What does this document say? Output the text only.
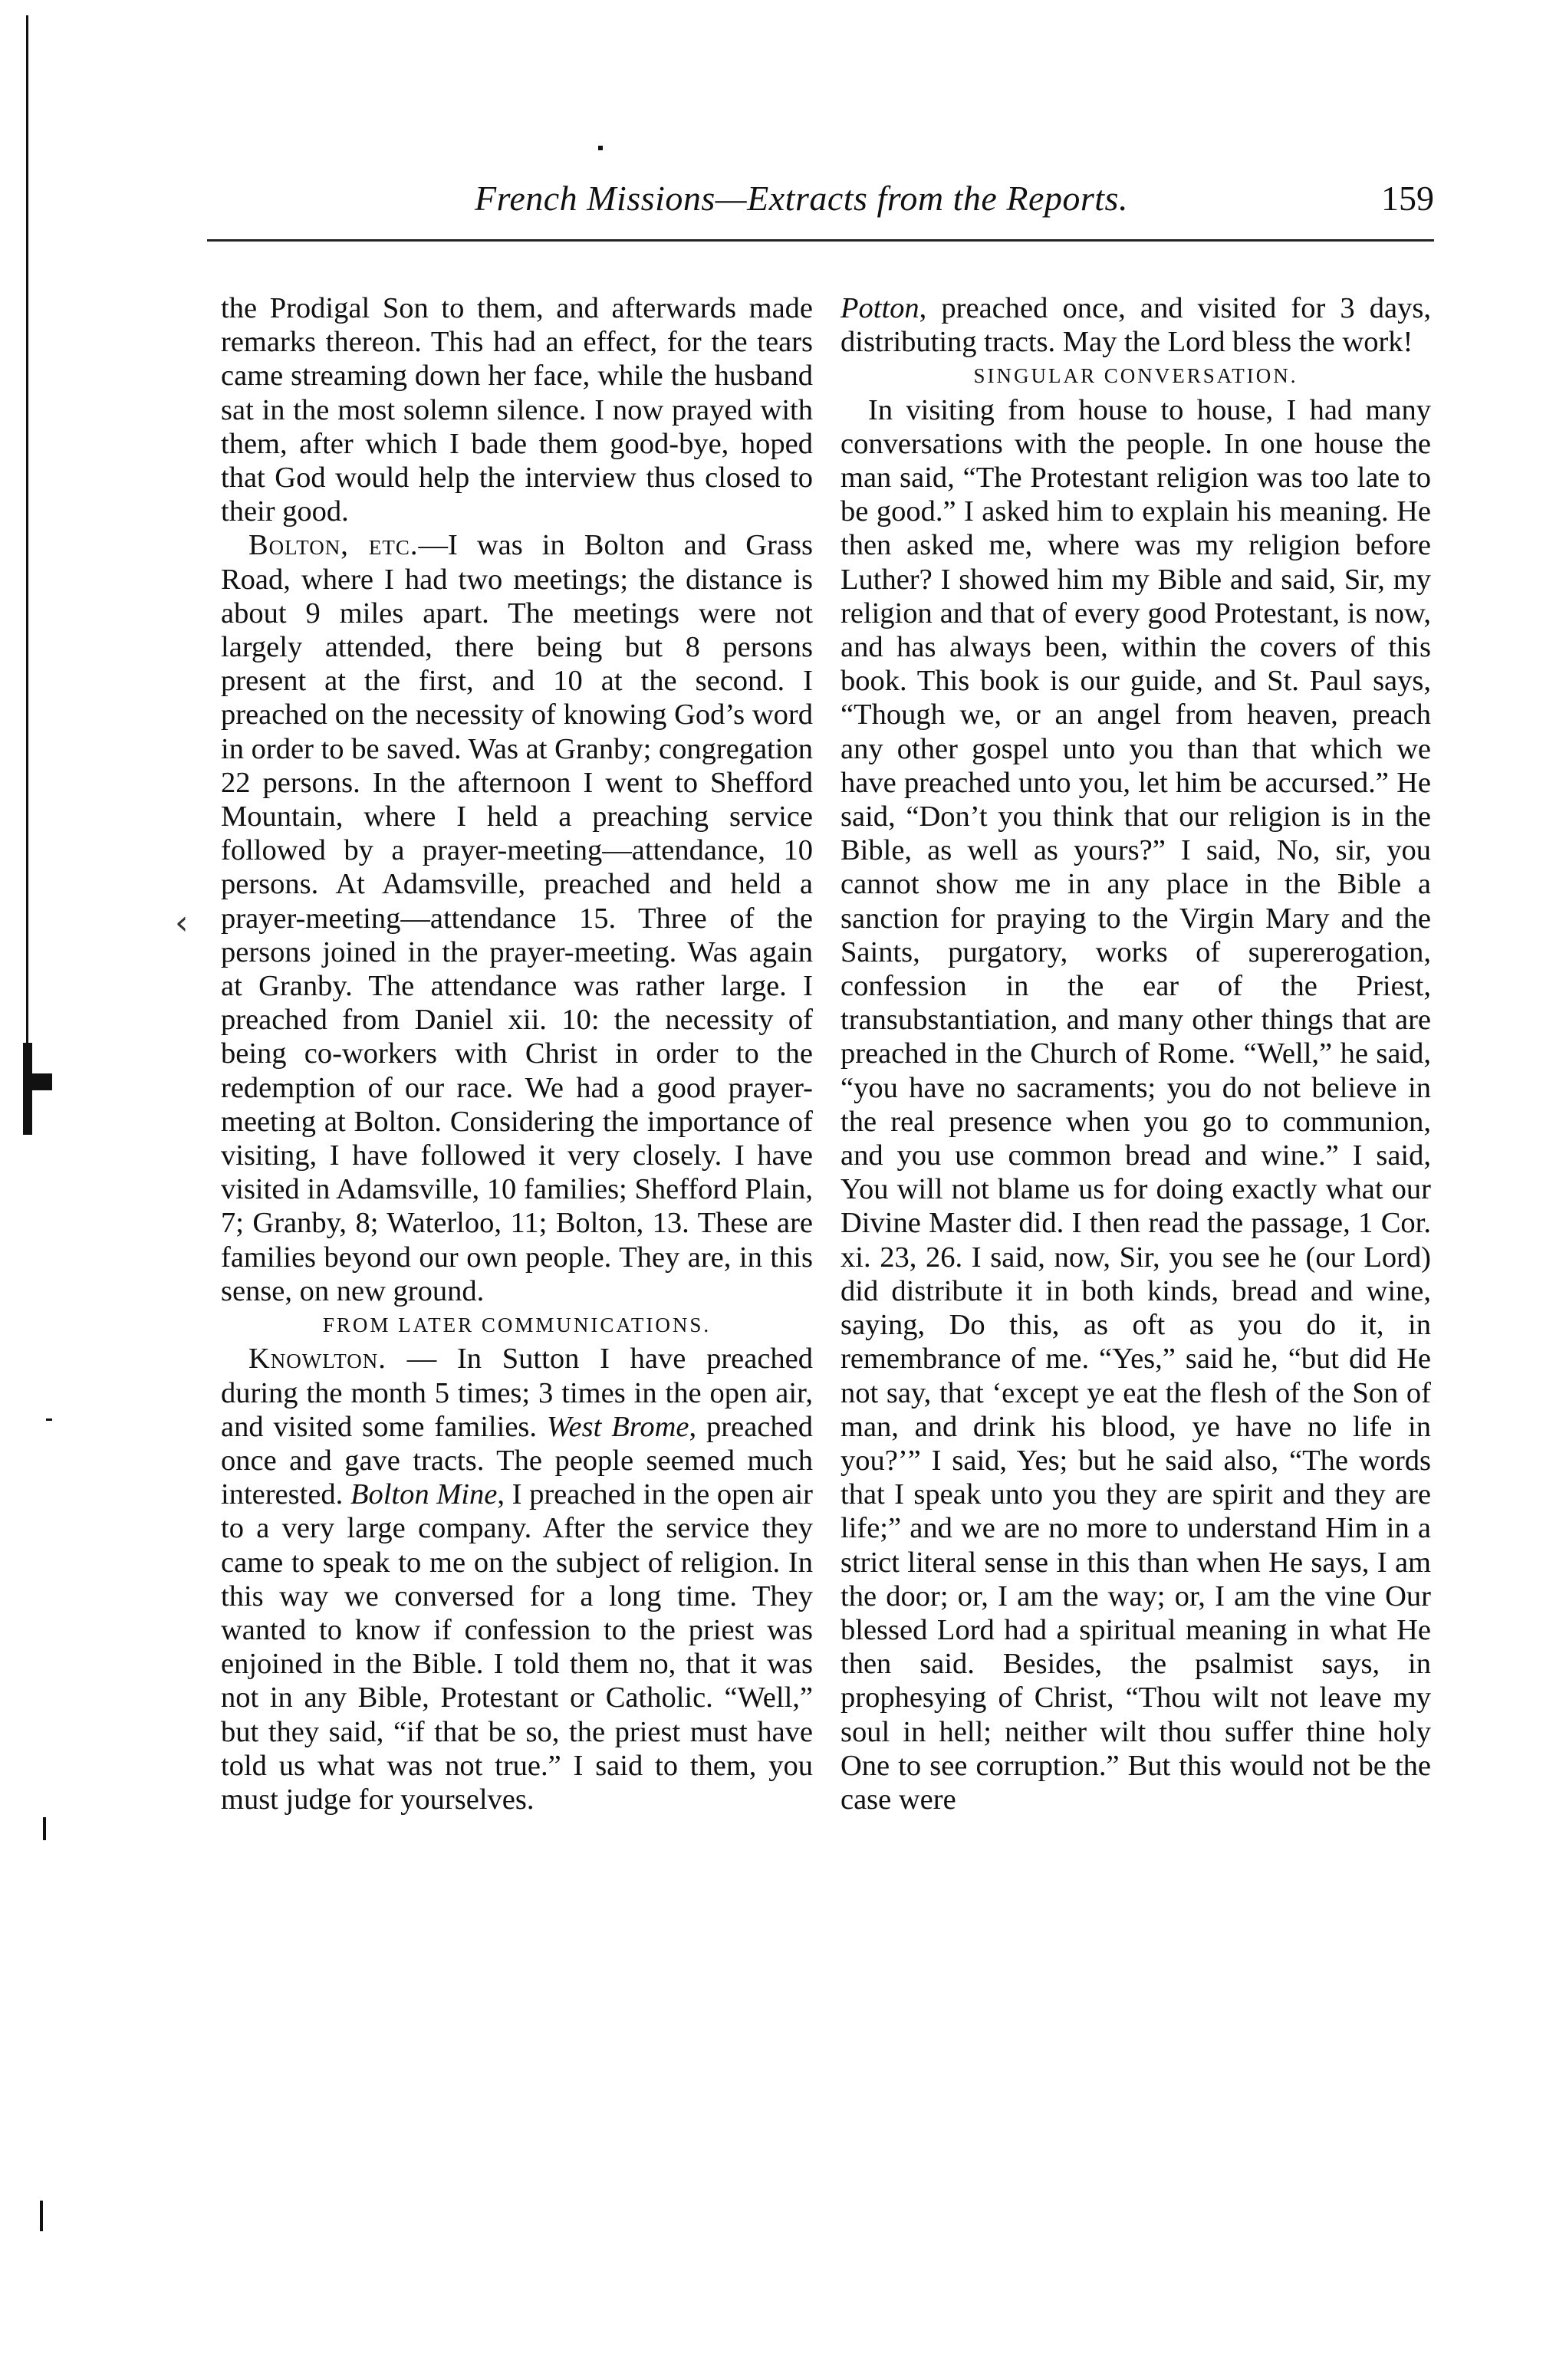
French Missions—Extracts from the Reports.	159
‹

the Prodigal Son to them, and afterwards made remarks thereon. This had an effect, for the tears came streaming down her face, while the husband sat in the most solemn silence. I now prayed with them, after which I bade them good-bye, hoped that God would help the interview thus closed to their good.

Bolton, etc.—I was in Bolton and Grass Road, where I had two meetings; the distance is about 9 miles apart. The meetings were not largely attended, there being but 8 persons present at the first, and 10 at the second. I preached on the necessity of knowing God’s word in order to be saved. Was at Granby; congregation 22 persons. In the afternoon I went to Shefford Mountain, where I held a preaching service followed by a prayer-meeting—attendance, 10 persons. At Adamsville, preached and held a prayer-meeting—attendance 15. Three of the persons joined in the prayer-meeting. Was again at Granby. The attendance was rather large. I preached from Daniel xii. 10: the necessity of being co-workers with Christ in order to the redemption of our race. We had a good prayer-meeting at Bolton. Considering the importance of visiting, I have followed it very closely. I have visited in Adamsville, 10 families; Shefford Plain, 7; Granby, 8; Waterloo, 11; Bolton, 13. These are families beyond our own people. They are, in this sense, on new ground.

FROM LATER COMMUNICATIONS.

Knowlton. — In Sutton I have preached during the month 5 times; 3 times in the open air, and visited some families. West Brome, preached once and gave tracts. The people seemed much interested. Bolton Mine, I preached in the open air to a very large company. After the service they came to speak to me on the subject of religion. In this way we conversed for a long time. They wanted to know if confession to the priest was enjoined in the Bible. I told them no, that it was not in any Bible, Protestant or Catholic. “Well,” but they said, “if that be so, the priest must have told us what was not true.” I said to them, you must judge for yourselves.

Potton, preached once, and visited for 3 days, distributing tracts. May the Lord bless the work!

SINGULAR CONVERSATION.

In visiting from house to house, I had many conversations with the people. In one house the man said, “The Protestant religion was too late to be good.” I asked him to explain his meaning. He then asked me, where was my religion before Luther? I showed him my Bible and said, Sir, my religion and that of every good Protestant, is now, and has always been, within the covers of this book. This book is our guide, and St. Paul says, “Though we, or an angel from heaven, preach any other gospel unto you than that which we have preached unto you, let him be accursed.” He said, “Don’t you think that our religion is in the Bible, as well as yours?” I said, No, sir, you cannot show me in any place in the Bible a sanction for praying to the Virgin Mary and the Saints, purgatory, works of supererogation, confession in the ear of the Priest, transubstantiation, and many other things that are preached in the Church of Rome. “Well,” he said, “you have no sacraments; you do not believe in the real presence when you go to communion, and you use common bread and wine.” I said, You will not blame us for doing exactly what our Divine Master did. I then read the passage, 1 Cor. xi. 23, 26. I said, now, Sir, you see he (our Lord) did distribute it in both kinds, bread and wine, saying, Do this, as oft as you do it, in remembrance of me. “Yes,” said he, “but did He not say, that ‘except ye eat the flesh of the Son of man, and drink his blood, ye have no life in you?’” I said, Yes; but he said also, “The words that I speak unto you they are spirit and they are life;” and we are no more to understand Him in a strict literal sense in this than when He says, I am the door; or, I am the way; or, I am the vine Our blessed Lord had a spiritual meaning in what He then said. Besides, the psalmist says, in prophesying of Christ, “Thou wilt not leave my soul in hell; neither wilt thou suffer thine holy One to see corruption.” But this would not be the case were
